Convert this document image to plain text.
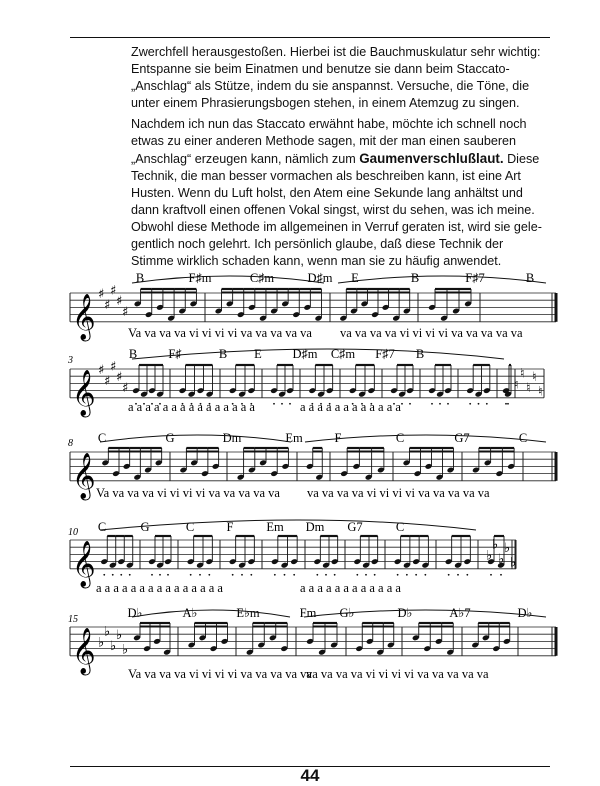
Zwerchfell herausgestoßen. Hierbei ist die Bauchmuskulatur sehr wichtig:

Entspanne sie beim Einatmen und benutze sie dann beim Staccato-

„Anschlag“ als Stütze, indem du sie anspannst. Versuche, die Töne, die

unter einem Phrasierungsbogen stehen, in einem Atemzug zu singen.

Nachdem ich nun das Staccato erwähnt habe, möchte ich schnell noch

etwas zu einer anderen Methode sagen, mit der man einen sauberen

„Anschlag“ erzeugen kann, nämlich zum Gaumenverschlußlaut. Diese

Technik, die man besser vormachen als beschreiben kann, ist eine Art

Husten. Wenn du Luft holst, den Atem eine Sekunde lang anhältst und

dann kraftvoll einen offenen Vokal singst, wirst du sehen, was ich meine.

Obwohl diese Methode im allgemeinen in Verruf geraten ist, wird sie gele-

gentlich noch gelehrt. Ich persönlich glaube, daß diese Technik der

Stimme wirklich schaden kann, wenn man sie zu häufig anwendet.

𝄞 ♯
♯
♯
♯
♯
B	F♯m	C♯m	D♯m E	B	F♯7	B
Va va va va vi vi vi vi va va va va va va va va va vi vi vi vi va va va va va
𝄞 ♯
♯
♯
♯
♯
3	B F♯	B E D♯m C♯m F♯7 B
♮
♮
♮
♮
♮
a a a a a a a a a a a a a a a	a a a a a a a a a a a a
𝄞
8 C	G	Dm	Em	F	C	G7	C
Va va va va vi vi vi vi va va va va va va va va va vi vi vi vi va va va va va
𝄞
10 C	G	C	F	Em Dm G7	C
♭
♭
♭
♭
♭
a a a a a a a a a a a a a a a	a a a a a a a a a a a a
𝄞 ♭
♭
♭
♭
♭
15	D♭	A♭	E♭m	Fm G♭	D♭	A♭7	D♭
Va va va va vi vi vi vi va va va va va
va va va va vi vi vi vi va va va va va
44
